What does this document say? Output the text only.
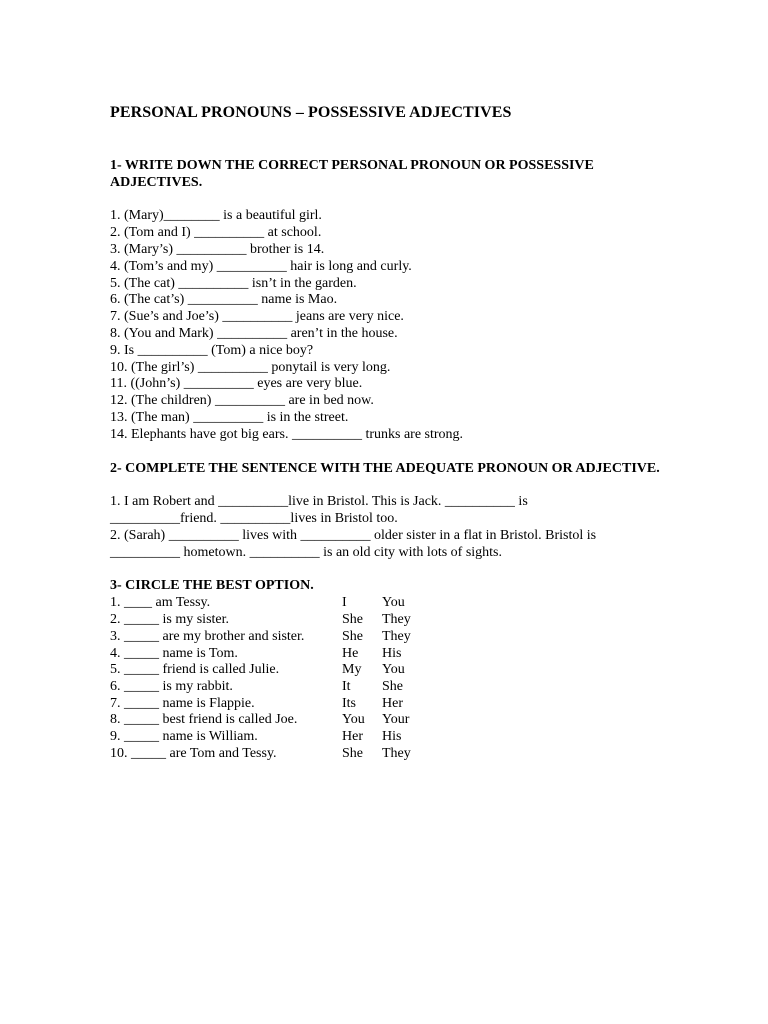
PERSONAL PRONOUNS – POSSESSIVE ADJECTIVES
1- WRITE DOWN THE CORRECT PERSONAL PRONOUN OR POSSESSIVE ADJECTIVES.
1. (Mary)________ is a beautiful girl.
2. (Tom and I) __________ at school.
3. (Mary’s) __________ brother is 14.
4. (Tom’s and my) __________ hair is long and curly.
5. (The cat) __________ isn’t in the garden.
6. (The cat’s) __________ name is Mao.
7. (Sue’s and Joe’s) __________ jeans are very nice.
8. (You and Mark) __________ aren’t in the house.
9. Is __________ (Tom) a nice boy?
10. (The girl’s) __________ ponytail is very long.
11. ((John’s) __________ eyes are very blue.
12. (The children) __________ are in bed now.
13. (The man) __________ is in the street.
14. Elephants have got big ears. __________ trunks are strong.
2- COMPLETE THE SENTENCE WITH THE ADEQUATE PRONOUN OR ADJECTIVE.
1. I am Robert and __________live in Bristol. This is Jack. __________ is
__________friend. __________lives in Bristol too.
2. (Sarah) __________ lives with __________ older sister in a flat in Bristol. Bristol is
__________ hometown. __________ is an old city with lots of sights.
3- CIRCLE THE BEST OPTION.
1. ____ am Tessy.	I	You
2. _____ is my sister.	She	They
3. _____ are my brother and sister.	She	They
4. _____ name is Tom.	He	His
5. _____ friend is called Julie.	My	You
6. _____ is my rabbit.	It	She
7. _____ name is Flappie.	Its	Her
8. _____ best friend is called Joe.	You	Your
9. _____ name is William.	Her	His
10. _____ are Tom and Tessy.	She	They
